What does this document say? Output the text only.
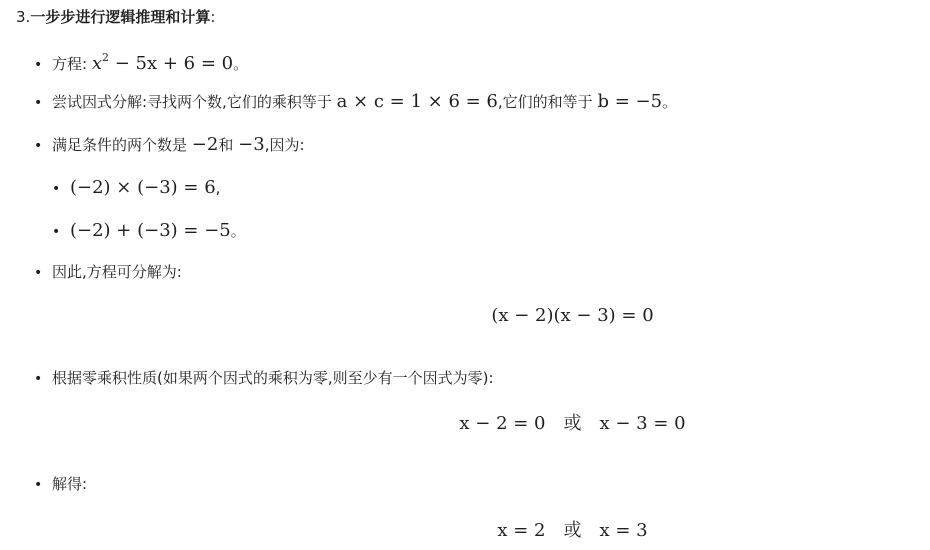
3.一步步进行逻辑推理和计算:
• 方程: $x^2 - 5x + 6 = 0$。
• 尝试因式分解:寻找两个数,它们的乘积等于 a × c = 1 × 6 = 6,它们的和等于 b = −5。
• 满足条件的两个数是 −2和 −3,因为:
• (−2) × (−3) = 6,
• (−2) + (−3) = −5。
• 因此,方程可分解为:
(x − 2)(x − 3) = 0
• 根据零乘积性质(如果两个因式的乘积为零,则至少有一个因式为零):
x − 2 = 0 或 x − 3 = 0
• 解得:
x = 2 或 x = 3
